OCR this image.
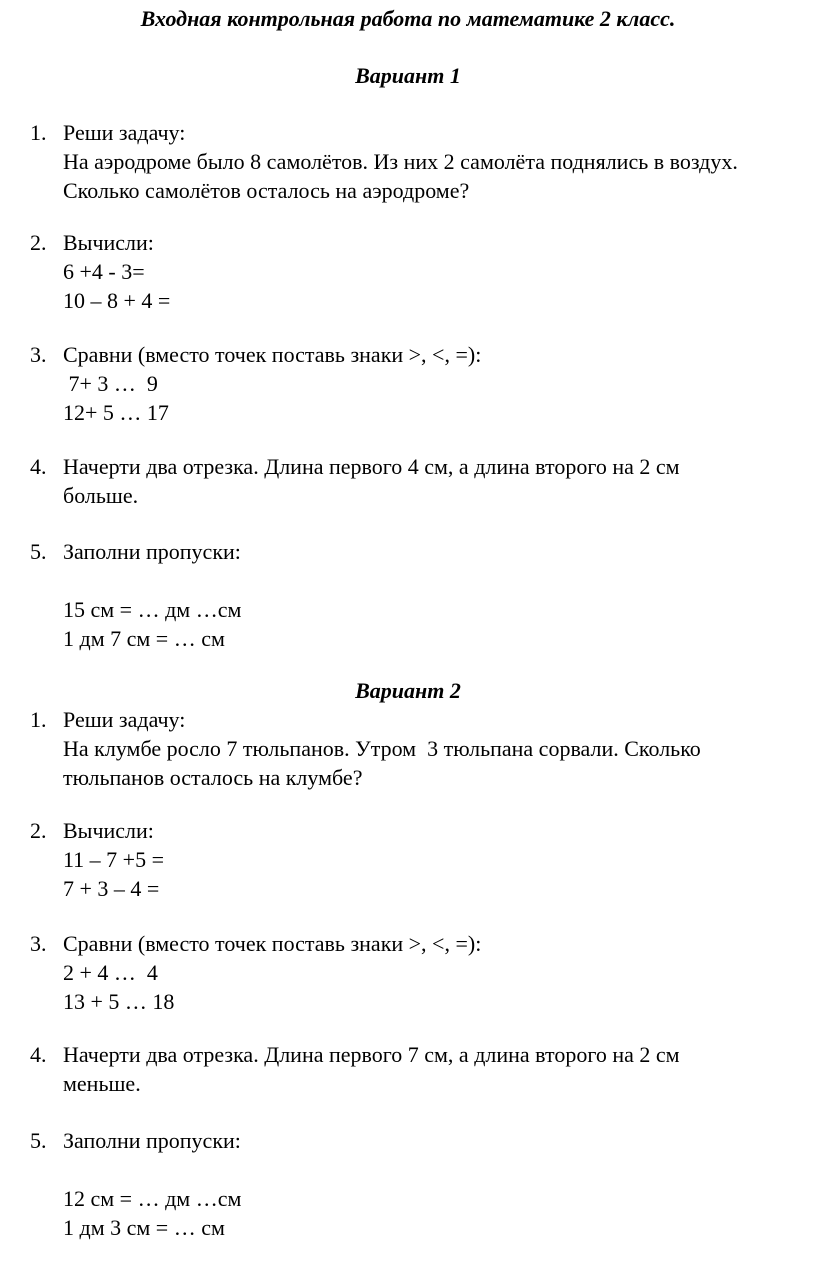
Входная контрольная работа по математике 2 класс.
Вариант 1
1. Реши задачу:
На аэродроме было 8 самолётов. Из них 2 самолёта поднялись в воздух.
Сколько самолётов осталось на аэродроме?
2. Вычисли:
6 +4 - 3=
10 – 8 + 4 =
3. Сравни (вместо точек поставь знаки >, <, =):
7+ 3 …  9
12+ 5 … 17
4. Начерти два отрезка. Длина первого 4 см, а длина второго на 2 см
больше.
5. Заполни пропуски:
15 см = … дм …см
1 дм 7 см = … см
Вариант 2
1. Реши задачу:
На клумбе росло 7 тюльпанов. Утром  3 тюльпана сорвали. Сколько
тюльпанов осталось на клумбе?
2. Вычисли:
11 – 7 +5 =
7 + 3 – 4 =
3. Сравни (вместо точек поставь знаки >, <, =):
2 + 4 …  4
13 + 5 … 18
4. Начерти два отрезка. Длина первого 7 см, а длина второго на 2 см
меньше.
5. Заполни пропуски:
12 см = … дм …см
1 дм 3 см = … см
